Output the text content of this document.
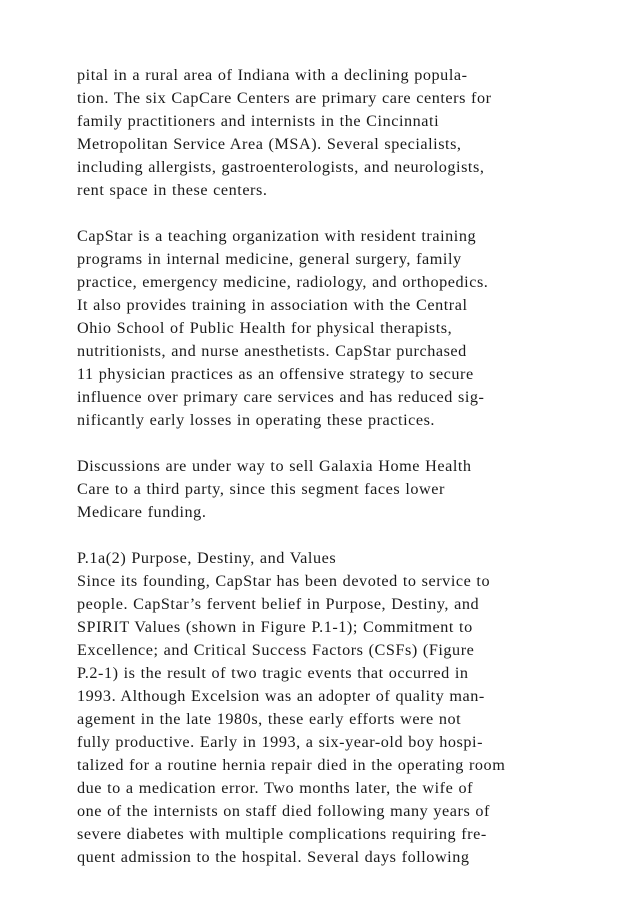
pital in a rural area of Indiana with a declining popula-
tion. The six CapCare Centers are primary care centers for
family practitioners and internists in the Cincinnati
Metropolitan Service Area (MSA). Several specialists,
including allergists, gastroenterologists, and neurologists,
rent space in these centers.
CapStar is a teaching organization with resident training
programs in internal medicine, general surgery, family
practice, emergency medicine, radiology, and orthopedics.
It also provides training in association with the Central
Ohio School of Public Health for physical therapists,
nutritionists, and nurse anesthetists. CapStar purchased
11 physician practices as an offensive strategy to secure
influence over primary care services and has reduced sig-
nificantly early losses in operating these practices.
Discussions are under way to sell Galaxia Home Health
Care to a third party, since this segment faces lower
Medicare funding.
P.1a(2) Purpose, Destiny, and Values
Since its founding, CapStar has been devoted to service to
people. CapStar’s fervent belief in Purpose, Destiny, and
SPIRIT Values (shown in Figure P.1-1); Commitment to
Excellence; and Critical Success Factors (CSFs) (Figure
P.2-1) is the result of two tragic events that occurred in
1993. Although Excelsion was an adopter of quality man-
agement in the late 1980s, these early efforts were not
fully productive. Early in 1993, a six-year-old boy hospi-
talized for a routine hernia repair died in the operating room
due to a medication error. Two months later, the wife of
one of the internists on staff died following many years of
severe diabetes with multiple complications requiring fre-
quent admission to the hospital. Several days following
